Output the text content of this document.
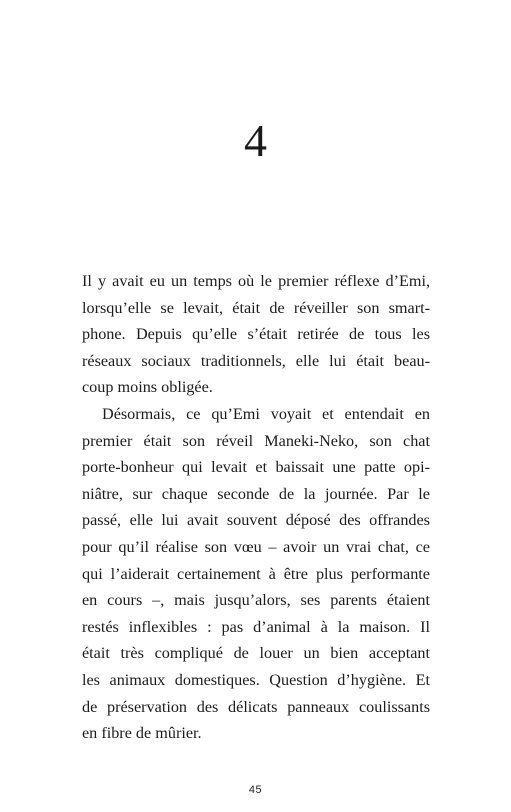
4
Il y avait eu un temps où le premier réflexe d’Emi,
lorsqu’elle se levait, était de réveiller son smart-
phone. Depuis qu’elle s’était retirée de tous les
réseaux sociaux traditionnels, elle lui était beau-
coup moins obligée.
Désormais, ce qu’Emi voyait et entendait en
premier était son réveil Maneki-Neko, son chat
porte-bonheur qui levait et baissait une patte opi-
niâtre, sur chaque seconde de la journée. Par le
passé, elle lui avait souvent déposé des offrandes
pour qu’il réalise son vœu – avoir un vrai chat, ce
qui l’aiderait certainement à être plus performante
en cours –, mais jusqu’alors, ses parents étaient
restés inflexibles : pas d’animal à la maison. Il
était très compliqué de louer un bien acceptant
les animaux domestiques. Question d’hygiène. Et
de préservation des délicats panneaux coulissants
en fibre de mûrier.
45
